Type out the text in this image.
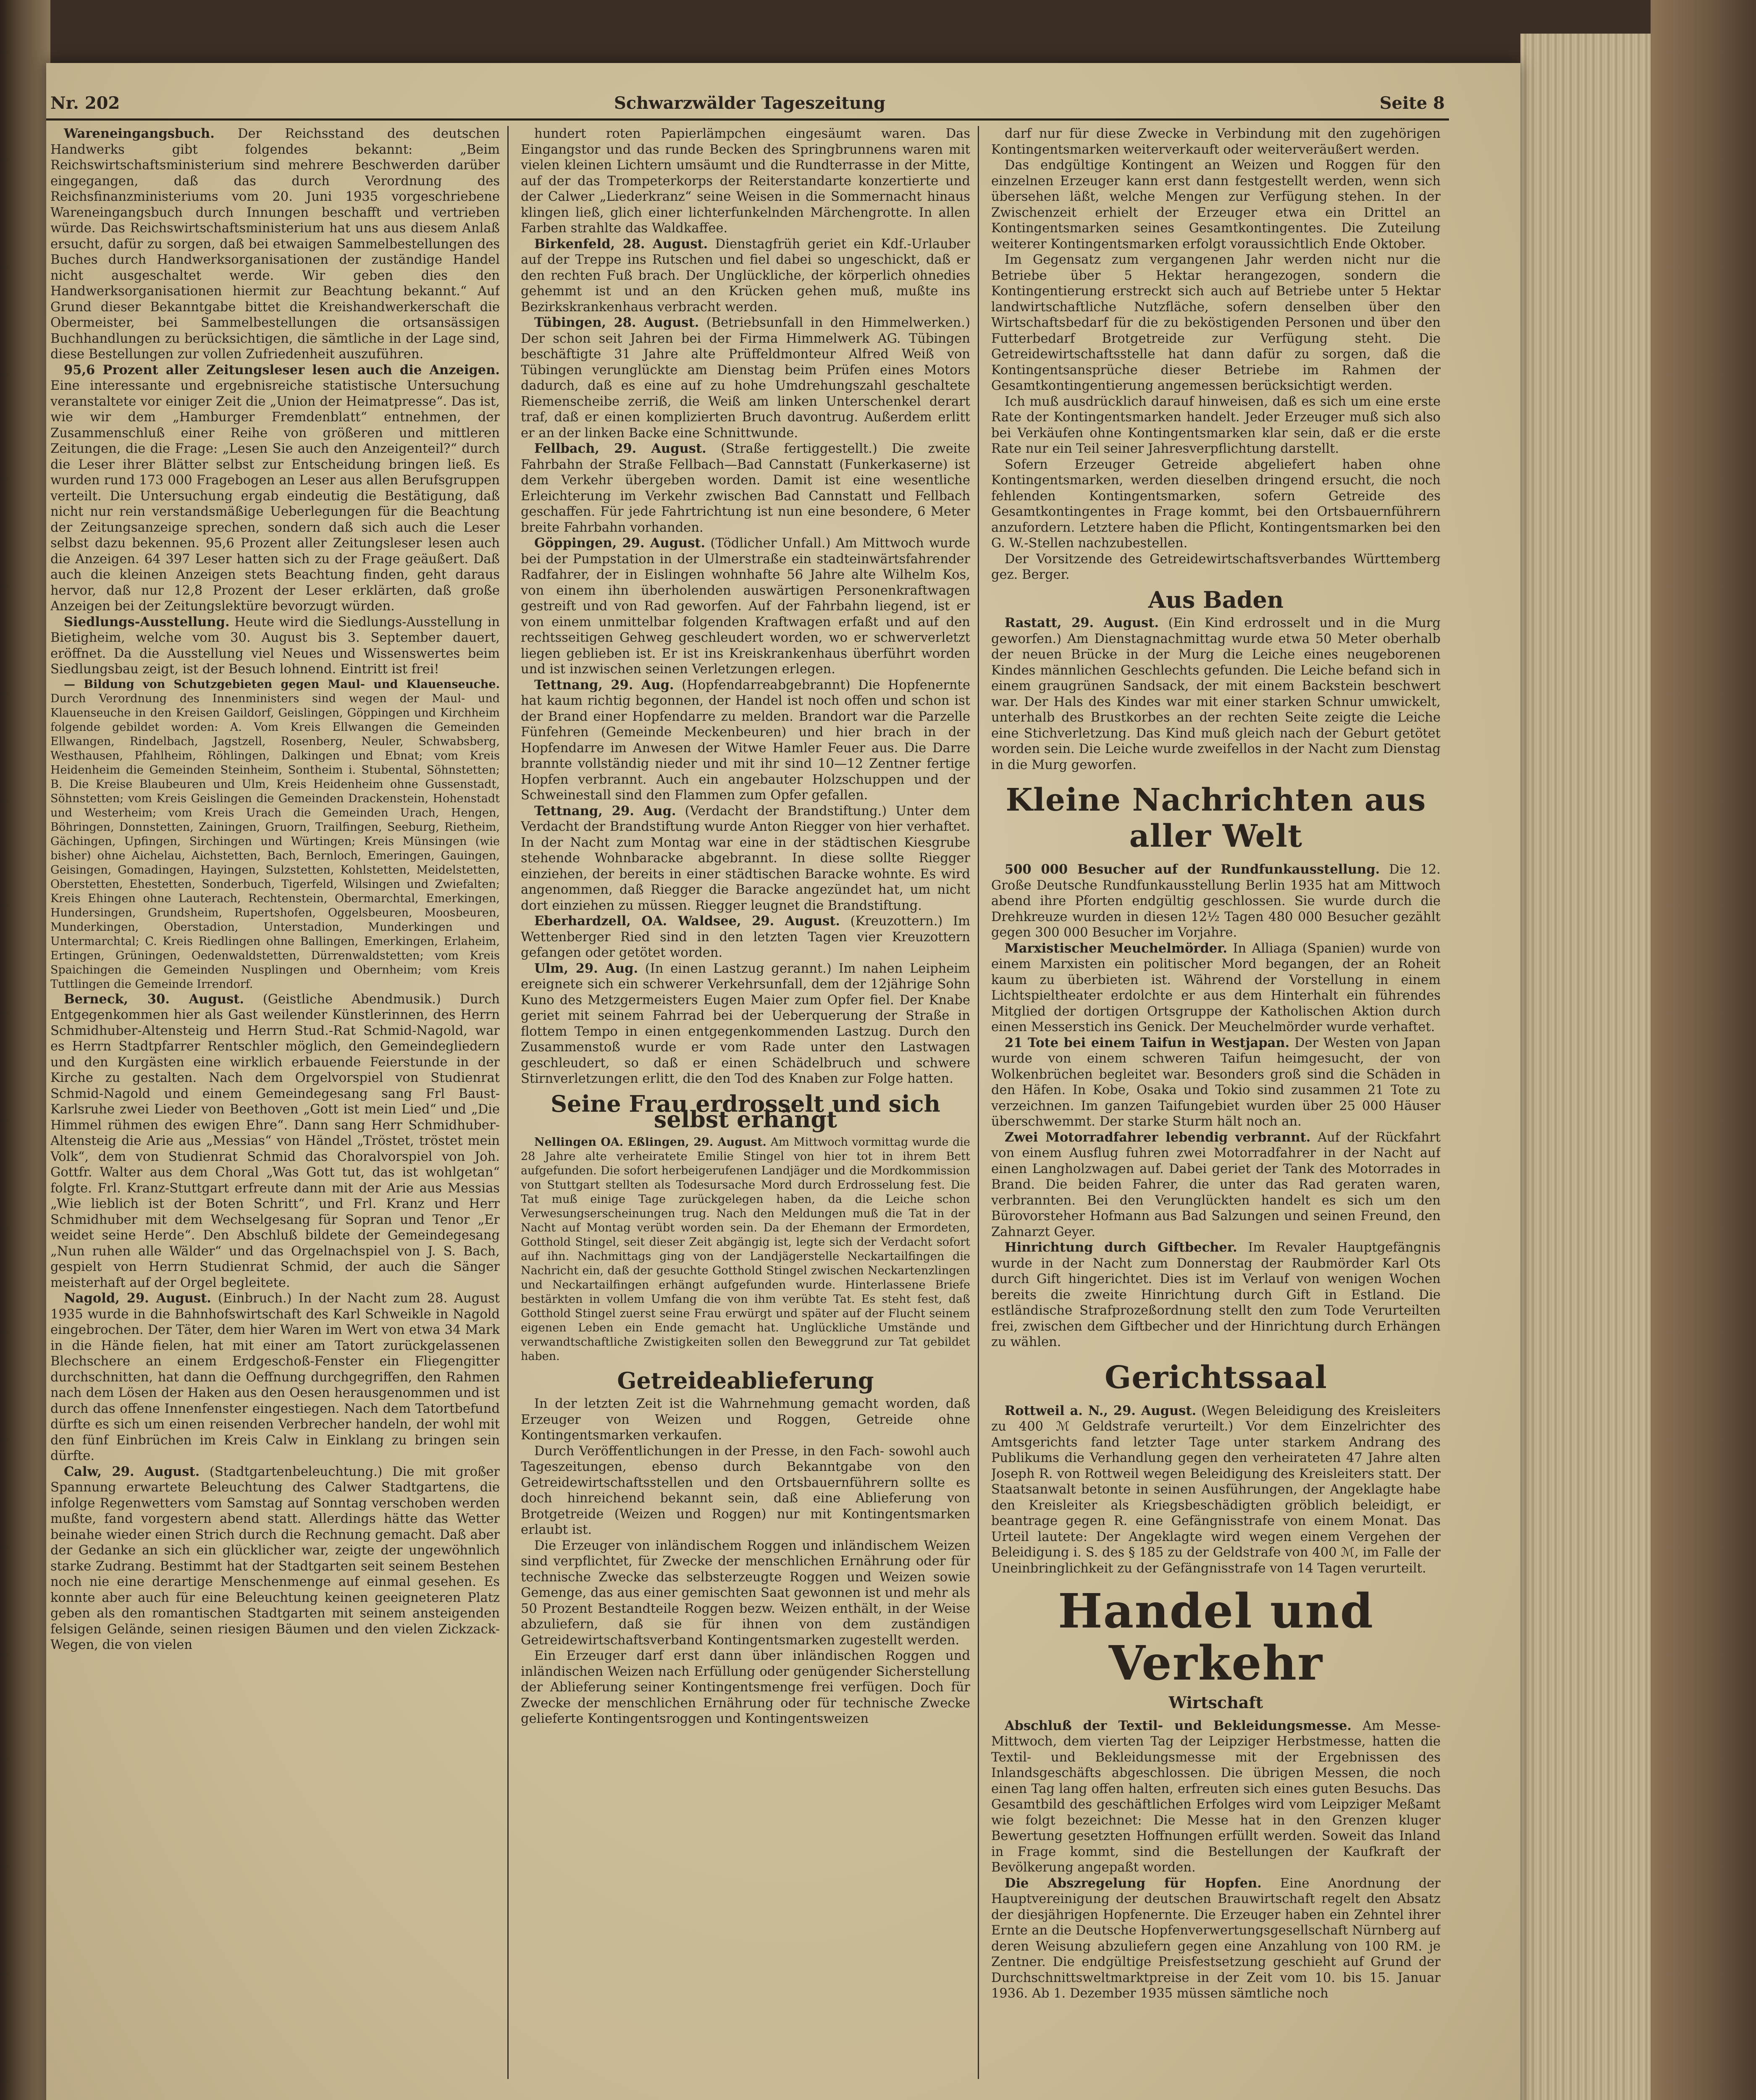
Nr. 202	Schwarzwälder Tageszeitung	Seite 8

Wareneingangsbuch. Der Reichsstand des deutschen Handwerks gibt folgendes bekannt: „Beim Reichswirtschaftsministerium sind mehrere Beschwerden darüber eingegangen, daß das durch Verordnung des Reichsfinanzministeriums vom 20. Juni 1935 vorgeschriebene Wareneingangsbuch durch Innungen beschafft und vertrieben würde. Das Reichswirtschaftsministerium hat uns aus diesem Anlaß ersucht, dafür zu sorgen, daß bei etwaigen Sammelbestellungen des Buches durch Handwerksorganisationen der zuständige Handel nicht ausgeschaltet werde. Wir geben dies den Handwerksorganisationen hiermit zur Beachtung bekannt.“ Auf Grund dieser Bekanntgabe bittet die Kreishandwerkerschaft die Obermeister, bei Sammelbestellungen die ortsansässigen Buchhandlungen zu berücksichtigen, die sämtliche in der Lage sind, diese Bestellungen zur vollen Zufriedenheit auszuführen.

95,6 Prozent aller Zeitungsleser lesen auch die Anzeigen. Eine interessante und ergebnisreiche statistische Untersuchung veranstaltete vor einiger Zeit die „Union der Heimatpresse“. Das ist, wie wir dem „Hamburger Fremdenblatt“ entnehmen, der Zusammenschluß einer Reihe von größeren und mittleren Zeitungen, die die Frage: „Lesen Sie auch den Anzeigenteil?“ durch die Leser ihrer Blätter selbst zur Entscheidung bringen ließ. Es wurden rund 173 000 Fragebogen an Leser aus allen Berufsgruppen verteilt. Die Untersuchung ergab eindeutig die Bestätigung, daß nicht nur rein verstandsmäßige Ueberlegungen für die Beachtung der Zeitungsanzeige sprechen, sondern daß sich auch die Leser selbst dazu bekennen. 95,6 Prozent aller Zeitungsleser lesen auch die Anzeigen. 64 397 Leser hatten sich zu der Frage geäußert. Daß auch die kleinen Anzeigen stets Beachtung finden, geht daraus hervor, daß nur 12,8 Prozent der Leser erklärten, daß große Anzeigen bei der Zeitungslektüre bevorzugt würden.

Siedlungs-Ausstellung. Heute wird die Siedlungs-Ausstellung in Bietigheim, welche vom 30. August bis 3. September dauert, eröffnet. Da die Ausstellung viel Neues und Wissenswertes beim Siedlungsbau zeigt, ist der Besuch lohnend. Eintritt ist frei!

— Bildung von Schutzgebieten gegen Maul- und Klauenseuche. Durch Verordnung des Innenministers sind wegen der Maul- und Klauenseuche in den Kreisen Gaildorf, Geislingen, Göppingen und Kirchheim folgende gebildet worden: A. Vom Kreis Ellwangen die Gemeinden Ellwangen, Rindelbach, Jagstzell, Rosenberg, Neuler, Schwabsberg, Westhausen, Pfahlheim, Röhlingen, Dalkingen und Ebnat; vom Kreis Heidenheim die Gemeinden Steinheim, Sontheim i. Stubental, Söhnstetten; B. Die Kreise Blaubeuren und Ulm, Kreis Heidenheim ohne Gussenstadt, Söhnstetten; vom Kreis Geislingen die Gemeinden Drackenstein, Hohenstadt und Westerheim; vom Kreis Urach die Gemeinden Urach, Hengen, Böhringen, Donnstetten, Zainingen, Gruorn, Trailfingen, Seeburg, Rietheim, Gächingen, Upfingen, Sirchingen und Würtingen; Kreis Münsingen (wie bisher) ohne Aichelau, Aichstetten, Bach, Bernloch, Emeringen, Gauingen, Geisingen, Gomadingen, Hayingen, Sulzstetten, Kohlstetten, Meidelstetten, Oberstetten, Ehestetten, Sonderbuch, Tigerfeld, Wilsingen und Zwiefalten; Kreis Ehingen ohne Lauterach, Rechtenstein, Obermarchtal, Emerkingen, Hundersingen, Grundsheim, Rupertshofen, Oggelsbeuren, Moosbeuren, Munderkingen, Oberstadion, Unterstadion, Munderkingen und Untermarchtal; C. Kreis Riedlingen ohne Ballingen, Emerkingen, Erlaheim, Ertingen, Grüningen, Oedenwaldstetten, Dürrenwaldstetten; vom Kreis Spaichingen die Gemeinden Nusplingen und Obernheim; vom Kreis Tuttlingen die Gemeinde Irrendorf.

Berneck, 30. August. (Geistliche Abendmusik.) Durch Entgegenkommen hier als Gast weilender Künstlerinnen, des Herrn Schmidhuber-Altensteig und Herrn Stud.-Rat Schmid-Nagold, war es Herrn Stadtpfarrer Rentschler möglich, den Gemeindegliedern und den Kurgästen eine wirklich erbauende Feierstunde in der Kirche zu gestalten. Nach dem Orgelvorspiel von Studienrat Schmid-Nagold und einem Gemeindegesang sang Frl Baust-Karlsruhe zwei Lieder von Beethoven „Gott ist mein Lied“ und „Die Himmel rühmen des ewigen Ehre“. Dann sang Herr Schmidhuber-Altensteig die Arie aus „Messias“ von Händel „Tröstet, tröstet mein Volk“, dem von Studienrat Schmid das Choralvorspiel von Joh. Gottfr. Walter aus dem Choral „Was Gott tut, das ist wohlgetan“ folgte. Frl. Kranz-Stuttgart erfreute dann mit der Arie aus Messias „Wie lieblich ist der Boten Schritt“, und Frl. Kranz und Herr Schmidhuber mit dem Wechselgesang für Sopran und Tenor „Er weidet seine Herde“. Den Abschluß bildete der Gemeindegesang „Nun ruhen alle Wälder“ und das Orgelnachspiel von J. S. Bach, gespielt von Herrn Studienrat Schmid, der auch die Sänger meisterhaft auf der Orgel begleitete.

Nagold, 29. August. (Einbruch.) In der Nacht zum 28. August 1935 wurde in die Bahnhofswirtschaft des Karl Schweikle in Nagold eingebrochen. Der Täter, dem hier Waren im Wert von etwa 34 Mark in die Hände fielen, hat mit einer am Tatort zurückgelassenen Blechschere an einem Erdgeschoß-Fenster ein Fliegengitter durchschnitten, hat dann die Oeffnung durchgegriffen, den Rahmen nach dem Lösen der Haken aus den Oesen herausgenommen und ist durch das offene Innenfenster eingestiegen. Nach dem Tatortbefund dürfte es sich um einen reisenden Verbrecher handeln, der wohl mit den fünf Einbrüchen im Kreis Calw in Einklang zu bringen sein dürfte.

Calw, 29. August. (Stadtgartenbeleuchtung.) Die mit großer Spannung erwartete Beleuchtung des Calwer Stadtgartens, die infolge Regenwetters vom Samstag auf Sonntag verschoben werden mußte, fand vorgestern abend statt. Allerdings hätte das Wetter beinahe wieder einen Strich durch die Rechnung gemacht. Daß aber der Gedanke an sich ein glücklicher war, zeigte der ungewöhnlich starke Zudrang. Bestimmt hat der Stadtgarten seit seinem Bestehen noch nie eine derartige Menschenmenge auf einmal gesehen. Es konnte aber auch für eine Beleuchtung keinen geeigneteren Platz geben als den romantischen Stadtgarten mit seinem ansteigenden felsigen Gelände, seinen riesigen Bäumen und den vielen Zickzack-Wegen, die von vielen

hundert roten Papierlämpchen eingesäumt waren. Das Eingangstor und das runde Becken des Springbrunnens waren mit vielen kleinen Lichtern umsäumt und die Rundterrasse in der Mitte, auf der das Trompeterkorps der Reiterstandarte konzertierte und der Calwer „Liederkranz“ seine Weisen in die Sommernacht hinaus klingen ließ, glich einer lichterfunkelnden Märchengrotte. In allen Farben strahlte das Waldkaffee.

Birkenfeld, 28. August. Dienstagfrüh geriet ein Kdf.-Urlauber auf der Treppe ins Rutschen und fiel dabei so ungeschickt, daß er den rechten Fuß brach. Der Unglückliche, der körperlich ohnedies gehemmt ist und an den Krücken gehen muß, mußte ins Bezirkskrankenhaus verbracht werden.

Tübingen, 28. August. (Betriebsunfall in den Himmelwerken.) Der schon seit Jahren bei der Firma Himmelwerk AG. Tübingen beschäftigte 31 Jahre alte Prüffeldmonteur Alfred Weiß von Tübingen verunglückte am Dienstag beim Prüfen eines Motors dadurch, daß es eine auf zu hohe Umdrehungszahl geschaltete Riemenscheibe zerriß, die Weiß am linken Unterschenkel derart traf, daß er einen komplizierten Bruch davontrug. Außerdem erlitt er an der linken Backe eine Schnittwunde.

Fellbach, 29. August. (Straße fertiggestellt.) Die zweite Fahrbahn der Straße Fellbach—Bad Cannstatt (Funkerkaserne) ist dem Verkehr übergeben worden. Damit ist eine wesentliche Erleichterung im Verkehr zwischen Bad Cannstatt und Fellbach geschaffen. Für jede Fahrtrichtung ist nun eine besondere, 6 Meter breite Fahrbahn vorhanden.

Göppingen, 29. August. (Tödlicher Unfall.) Am Mittwoch wurde bei der Pumpstation in der Ulmerstraße ein stadteinwärtsfahrender Radfahrer, der in Eislingen wohnhafte 56 Jahre alte Wilhelm Kos, von einem ihn überholenden auswärtigen Personenkraftwagen gestreift und von Rad geworfen. Auf der Fahrbahn liegend, ist er von einem unmittelbar folgenden Kraftwagen erfaßt und auf den rechtsseitigen Gehweg geschleudert worden, wo er schwerverletzt liegen geblieben ist. Er ist ins Kreiskrankenhaus überführt worden und ist inzwischen seinen Verletzungen erlegen.

Tettnang, 29. Aug. (Hopfendarreabgebrannt) Die Hopfenernte hat kaum richtig begonnen, der Handel ist noch offen und schon ist der Brand einer Hopfendarre zu melden. Brandort war die Parzelle Fünfehren (Gemeinde Meckenbeuren) und hier brach in der Hopfendarre im Anwesen der Witwe Hamler Feuer aus. Die Darre brannte vollständig nieder und mit ihr sind 10—12 Zentner fertige Hopfen verbrannt. Auch ein angebauter Holzschuppen und der Schweinestall sind den Flammen zum Opfer gefallen.

Tettnang, 29. Aug. (Verdacht der Brandstiftung.) Unter dem Verdacht der Brandstiftung wurde Anton Riegger von hier verhaftet. In der Nacht zum Montag war eine in der städtischen Kiesgrube stehende Wohnbaracke abgebrannt. In diese sollte Riegger einziehen, der bereits in einer städtischen Baracke wohnte. Es wird angenommen, daß Riegger die Baracke angezündet hat, um nicht dort einziehen zu müssen. Riegger leugnet die Brandstiftung.

Eberhardzell, OA. Waldsee, 29. August. (Kreuzottern.) Im Wettenberger Ried sind in den letzten Tagen vier Kreuzottern gefangen oder getötet worden.

Ulm, 29. Aug. (In einen Lastzug gerannt.) Im nahen Leipheim ereignete sich ein schwerer Verkehrsunfall, dem der 12jährige Sohn Kuno des Metzgermeisters Eugen Maier zum Opfer fiel. Der Knabe geriet mit seinem Fahrrad bei der Ueberquerung der Straße in flottem Tempo in einen entgegenkommenden Lastzug. Durch den Zusammenstoß wurde er vom Rade unter den Lastwagen geschleudert, so daß er einen Schädelbruch und schwere Stirnverletzungen erlitt, die den Tod des Knaben zur Folge hatten.

Seine Frau erdrosselt und sich selbst erhängt

Nellingen OA. Eßlingen, 29. August. Am Mittwoch vormittag wurde die 28 Jahre alte verheiratete Emilie Stingel von hier tot in ihrem Bett aufgefunden. Die sofort herbeigerufenen Landjäger und die Mordkommission von Stuttgart stellten als Todesursache Mord durch Erdrosselung fest. Die Tat muß einige Tage zurückgelegen haben, da die Leiche schon Verwesungserscheinungen trug. Nach den Meldungen muß die Tat in der Nacht auf Montag verübt worden sein. Da der Ehemann der Ermordeten, Gotthold Stingel, seit dieser Zeit abgängig ist, legte sich der Verdacht sofort auf ihn. Nachmittags ging von der Landjägerstelle Neckartailfingen die Nachricht ein, daß der gesuchte Gotthold Stingel zwischen Neckartenzlingen und Neckartailfingen erhängt aufgefunden wurde. Hinterlassene Briefe bestärkten in vollem Umfang die von ihm verübte Tat. Es steht fest, daß Gotthold Stingel zuerst seine Frau erwürgt und später auf der Flucht seinem eigenen Leben ein Ende gemacht hat. Unglückliche Umstände und verwandtschaftliche Zwistigkeiten sollen den Beweggrund zur Tat gebildet haben.

Getreideablieferung

In der letzten Zeit ist die Wahrnehmung gemacht worden, daß Erzeuger von Weizen und Roggen, Getreide ohne Kontingentsmarken verkaufen.

Durch Veröffentlichungen in der Presse, in den Fach- sowohl auch Tageszeitungen, ebenso durch Bekanntgabe von den Getreidewirtschaftsstellen und den Ortsbauernführern sollte es doch hinreichend bekannt sein, daß eine Ablieferung von Brotgetreide (Weizen und Roggen) nur mit Kontingentsmarken erlaubt ist.

Die Erzeuger von inländischem Roggen und inländischem Weizen sind verpflichtet, für Zwecke der menschlichen Ernährung oder für technische Zwecke das selbsterzeugte Roggen und Weizen sowie Gemenge, das aus einer gemischten Saat gewonnen ist und mehr als 50 Prozent Bestandteile Roggen bezw. Weizen enthält, in der Weise abzuliefern, daß sie für ihnen von dem zuständigen Getreidewirtschaftsverband Kontingentsmarken zugestellt werden.

Ein Erzeuger darf erst dann über inländischen Roggen und inländischen Weizen nach Erfüllung oder genügender Sicherstellung der Ablieferung seiner Kontingentsmenge frei verfügen. Doch für Zwecke der menschlichen Ernährung oder für technische Zwecke gelieferte Kontingentsroggen und Kontingentsweizen

darf nur für diese Zwecke in Verbindung mit den zugehörigen Kontingentsmarken weiterverkauft oder weiterveräußert werden.

Das endgültige Kontingent an Weizen und Roggen für den einzelnen Erzeuger kann erst dann festgestellt werden, wenn sich übersehen läßt, welche Mengen zur Verfügung stehen. In der Zwischenzeit erhielt der Erzeuger etwa ein Drittel an Kontingentsmarken seines Gesamtkontingentes. Die Zuteilung weiterer Kontingentsmarken erfolgt voraussichtlich Ende Oktober.

Im Gegensatz zum vergangenen Jahr werden nicht nur die Betriebe über 5 Hektar herangezogen, sondern die Kontingentierung erstreckt sich auch auf Betriebe unter 5 Hektar landwirtschaftliche Nutzfläche, sofern denselben über den Wirtschaftsbedarf für die zu beköstigenden Personen und über den Futterbedarf Brotgetreide zur Verfügung steht. Die Getreidewirtschaftsstelle hat dann dafür zu sorgen, daß die Kontingentsansprüche dieser Betriebe im Rahmen der Gesamtkontingentierung angemessen berücksichtigt werden.

Ich muß ausdrücklich darauf hinweisen, daß es sich um eine erste Rate der Kontingentsmarken handelt. Jeder Erzeuger muß sich also bei Verkäufen ohne Kontingentsmarken klar sein, daß er die erste Rate nur ein Teil seiner Jahresverpflichtung darstellt.

Sofern Erzeuger Getreide abgeliefert haben ohne Kontingentsmarken, werden dieselben dringend ersucht, die noch fehlenden Kontingentsmarken, sofern Getreide des Gesamtkontingentes in Frage kommt, bei den Ortsbauernführern anzufordern. Letztere haben die Pflicht, Kontingentsmarken bei den G. W.-Stellen nachzubestellen.

Der Vorsitzende des Getreidewirtschaftsverbandes Württemberg gez. Berger.

Aus Baden

Rastatt, 29. August. (Ein Kind erdrosselt und in die Murg geworfen.) Am Dienstagnachmittag wurde etwa 50 Meter oberhalb der neuen Brücke in der Murg die Leiche eines neugeborenen Kindes männlichen Geschlechts gefunden. Die Leiche befand sich in einem graugrünen Sandsack, der mit einem Backstein beschwert war. Der Hals des Kindes war mit einer starken Schnur umwickelt, unterhalb des Brustkorbes an der rechten Seite zeigte die Leiche eine Stichverletzung. Das Kind muß gleich nach der Geburt getötet worden sein. Die Leiche wurde zweifellos in der Nacht zum Dienstag in die Murg geworfen.

Kleine Nachrichten aus aller Welt

500 000 Besucher auf der Rundfunkausstellung. Die 12. Große Deutsche Rundfunkausstellung Berlin 1935 hat am Mittwoch abend ihre Pforten endgültig geschlossen. Sie wurde durch die Drehkreuze wurden in diesen 12½ Tagen 480 000 Besucher gezählt gegen 300 000 Besucher im Vorjahre.

Marxistischer Meuchelmörder. In Alliaga (Spanien) wurde von einem Marxisten ein politischer Mord begangen, der an Roheit kaum zu überbieten ist. Während der Vorstellung in einem Lichtspieltheater erdolchte er aus dem Hinterhalt ein führendes Mitglied der dortigen Ortsgruppe der Katholischen Aktion durch einen Messerstich ins Genick. Der Meuchelmörder wurde verhaftet.

21 Tote bei einem Taifun in Westjapan. Der Westen von Japan wurde von einem schweren Taifun heimgesucht, der von Wolkenbrüchen begleitet war. Besonders groß sind die Schäden in den Häfen. In Kobe, Osaka und Tokio sind zusammen 21 Tote zu verzeichnen. Im ganzen Taifungebiet wurden über 25 000 Häuser überschwemmt. Der starke Sturm hält noch an.

Zwei Motorradfahrer lebendig verbrannt. Auf der Rückfahrt von einem Ausflug fuhren zwei Motorradfahrer in der Nacht auf einen Langholzwagen auf. Dabei geriet der Tank des Motorrades in Brand. Die beiden Fahrer, die unter das Rad geraten waren, verbrannten. Bei den Verunglückten handelt es sich um den Bürovorsteher Hofmann aus Bad Salzungen und seinen Freund, den Zahnarzt Geyer.

Hinrichtung durch Giftbecher. Im Revaler Hauptgefängnis wurde in der Nacht zum Donnerstag der Raubmörder Karl Ots durch Gift hingerichtet. Dies ist im Verlauf von wenigen Wochen bereits die zweite Hinrichtung durch Gift in Estland. Die estländische Strafprozeßordnung stellt den zum Tode Verurteilten frei, zwischen dem Giftbecher und der Hinrichtung durch Erhängen zu wählen.

Gerichtssaal

Rottweil a. N., 29. August. (Wegen Beleidigung des Kreisleiters zu 400 ℳ Geldstrafe verurteilt.) Vor dem Einzelrichter des Amtsgerichts fand letzter Tage unter starkem Andrang des Publikums die Verhandlung gegen den verheirateten 47 Jahre alten Joseph R. von Rottweil wegen Beleidigung des Kreisleiters statt. Der Staatsanwalt betonte in seinen Ausführungen, der Angeklagte habe den Kreisleiter als Kriegsbeschädigten gröblich beleidigt, er beantrage gegen R. eine Gefängnisstrafe von einem Monat. Das Urteil lautete: Der Angeklagte wird wegen einem Vergehen der Beleidigung i. S. des § 185 zu der Geldstrafe von 400 ℳ, im Falle der Uneinbringlichkeit zu der Gefängnisstrafe von 14 Tagen verurteilt.

Handel und Verkehr
Wirtschaft

Abschluß der Textil- und Bekleidungsmesse. Am Messe-Mittwoch, dem vierten Tag der Leipziger Herbstmesse, hatten die Textil- und Bekleidungsmesse mit der Ergebnissen des Inlandsgeschäfts abgeschlossen. Die übrigen Messen, die noch einen Tag lang offen halten, erfreuten sich eines guten Besuchs. Das Gesamtbild des geschäftlichen Erfolges wird vom Leipziger Meßamt wie folgt bezeichnet: Die Messe hat in den Grenzen kluger Bewertung gesetzten Hoffnungen erfüllt werden. Soweit das Inland in Frage kommt, sind die Bestellungen der Kaufkraft der Bevölkerung angepaßt worden.

Die Abszregelung für Hopfen. Eine Anordnung der Hauptvereinigung der deutschen Brauwirtschaft regelt den Absatz der diesjährigen Hopfenernte. Die Erzeuger haben ein Zehntel ihrer Ernte an die Deutsche Hopfenverwertungsgesellschaft Nürnberg auf deren Weisung abzuliefern gegen eine Anzahlung von 100 RM. je Zentner. Die endgültige Preisfestsetzung geschieht auf Grund der Durchschnittsweltmarktpreise in der Zeit vom 10. bis 15. Januar 1936. Ab 1. Dezember 1935 müssen sämtliche noch
